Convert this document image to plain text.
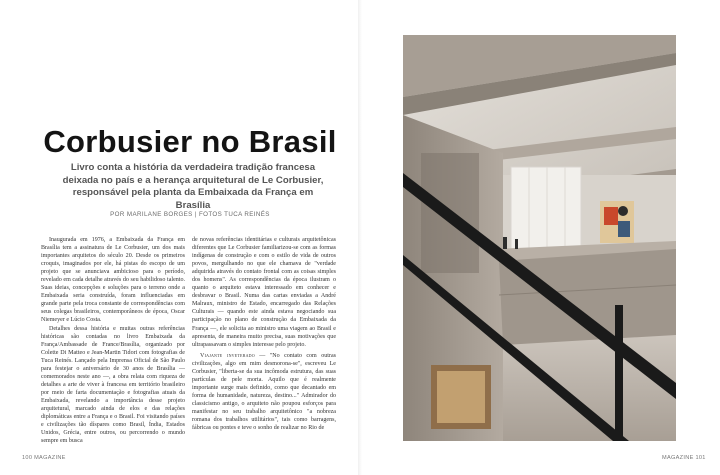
Corbusier no Brasil

Livro conta a história da verdadeira tradição francesa deixada no país e a herança arquitetural de Le Corbusier, responsável pela planta da Embaixada da França em Brasília

POR MARILANE BORGES | FOTOS TUCA REINÉS

Inaugurada em 1976, a Embaixada da França em Brasília tem a assinatura de Le Corbusier, um dos mais importantes arquitetos do século 20. Desde os primeiros croquis, imaginados por ele, há pistas do escopo de um projeto que se anunciava ambicioso para o período, revelado em cada detalhe através do seu habilidoso talento. Suas ideias, concepções e soluções para o terreno onde a Embaixada seria construída, foram influenciadas em grande parte pela troca constante de correspondências com seus colegas brasileiros, contemporâneos de época, Oscar Niemeyer e Lúcio Costa.

Detalhes dessa história e muitas outras referências históricas são contadas no livro Embaixada da França/Ambassade de France/Brasília, organizado por Colette Di Matteo e Jean-Martin Tidori com fotografias de Tuca Reinés. Lançado pela Imprensa Oficial de São Paulo para festejar o aniversário de 30 anos de Brasília — comemorados neste ano —, a obra relata com riqueza de detalhes a arte de viver à francesa em território brasileiro por meio de farta documentação e fotografias atuais da Embaixada, revelando a importância desse projeto arquitetural, marcado ainda de elos e das relações diplomáticas entre a França e o Brasil. Foi visitando países e civilizações tão díspares como Brasil, Índia, Estados Unidos, Grécia, entre outros, ou percorrendo o mundo sempre em busca

de novas referências identitárias e culturais arquitetônicas diferentes que Le Corbusier familiarizou-se com as formas indígenas de construção e com o estilo de vida de outros povos, mergulhando no que ele chamava de "verdade adquirida através do contato frontal com as coisas simples dos homens". As correspondências da época ilustram o quanto o arquiteto estava interessado em conhecer e desbravar o Brasil. Numa das cartas enviadas a André Malraux, ministro de Estado, encarregado das Relações Culturais — quando este ainda estava negociando sua participação no plano de construção da Embaixada da França —, ele solicita ao ministro uma viagem ao Brasil e apresenta, de maneira muito precisa, suas motivações que ultrapassavam o simples interesse pelo projeto.

Viajante inveterado — "No contato com outras civilizações, algo em mim desmorona-se", escreveu Le Corbusier, "liberta-se da sua incômoda estrutura, das suas partículas de pele morta. Aquilo que é realmente importante surge mais definido, como que decantado em forma de humanidade, natureza, destino..." Admirador do classicismo antigo, o arquiteto não poupou esforços para manifestar no seu trabalho arquitetônico "a nobreza romana dos trabalhos utilitários", tais como barragens, fábricas ou pontes e teve o sonho de realizar no Rio de

100 MAGAZINE	MAGAZINE 101
